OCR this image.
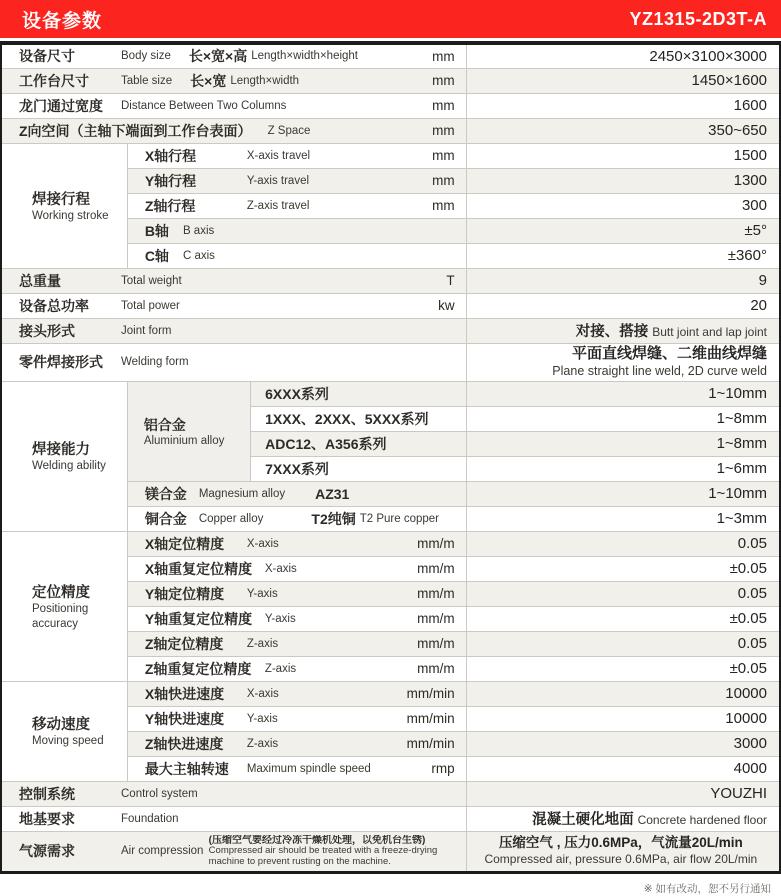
设备参数	YZ1315-2D3T-A
设备尺寸 Body size 长×宽×高 Length×width×height mm			2450×3100×3000

工作台尺寸 Table size 长×宽 Length×width mm			1450×1600

龙门通过宽度 Distance Between Two Columns mm			1600

Z向空间（主轴下端面到工作台表面） Z Space mm			350~650

焊接行程
Working stroke	X轴行程 X-axis travel mm		1500

	Y轴行程 Y-axis travel mm		1300

	Z轴行程 Z-axis travel mm		300

	B轴 B axis		±5°

	C轴 C axis		±360°

总重量 Total weight T			9

设备总功率 Total power kw			20

接头形式 Joint form			对接、搭接 Butt joint and lap joint

零件焊接形式 Welding form			平面直线焊缝、二维曲线焊缝
Plane straight line weld, 2D curve weld

焊接能力
Welding ability	铝合金
Aluminium alloy	6XXX系列	1~10mm
		1XXX、2XXX、5XXX系列	1~8mm
		ADC12、A356系列	1~8mm
		7XXX系列	1~6mm

	镁合金 Magnesium alloy AZ31		1~10mm

	铜合金 Copper alloy T2纯铜 T2 Pure copper		1~3mm

定位精度
Positioning accuracy	X轴定位精度 X-axis mm/m		0.05

	X轴重复定位精度 X-axis mm/m		±0.05

	Y轴定位精度 Y-axis mm/m		0.05

	Y轴重复定位精度 Y-axis mm/m		±0.05

	Z轴定位精度 Z-axis mm/m		0.05

	Z轴重复定位精度 Z-axis mm/m		±0.05

移动速度
Moving speed	X轴快进速度 X-axis mm/min		10000

	Y轴快进速度 Y-axis mm/min		10000

	Z轴快进速度 Z-axis mm/min		3000

	最大主轴转速 Maximum spindle speed rmp		4000

控制系统 Control system			YOUZHI

地基要求 Foundation			混凝土硬化地面 Concrete hardened floor

气源需求 Air compression
(压缩空气要经过冷冻干燥机处理，以免机台生锈)
Compressed air should be treated with a freeze-drying machine to prevent rusting on the machine.			压缩空气 , 压力0.6MPa，气流量20L/min
Compressed air, pressure 0.6MPa, air flow 20L/min
※ 如有改动，恕不另行通知
